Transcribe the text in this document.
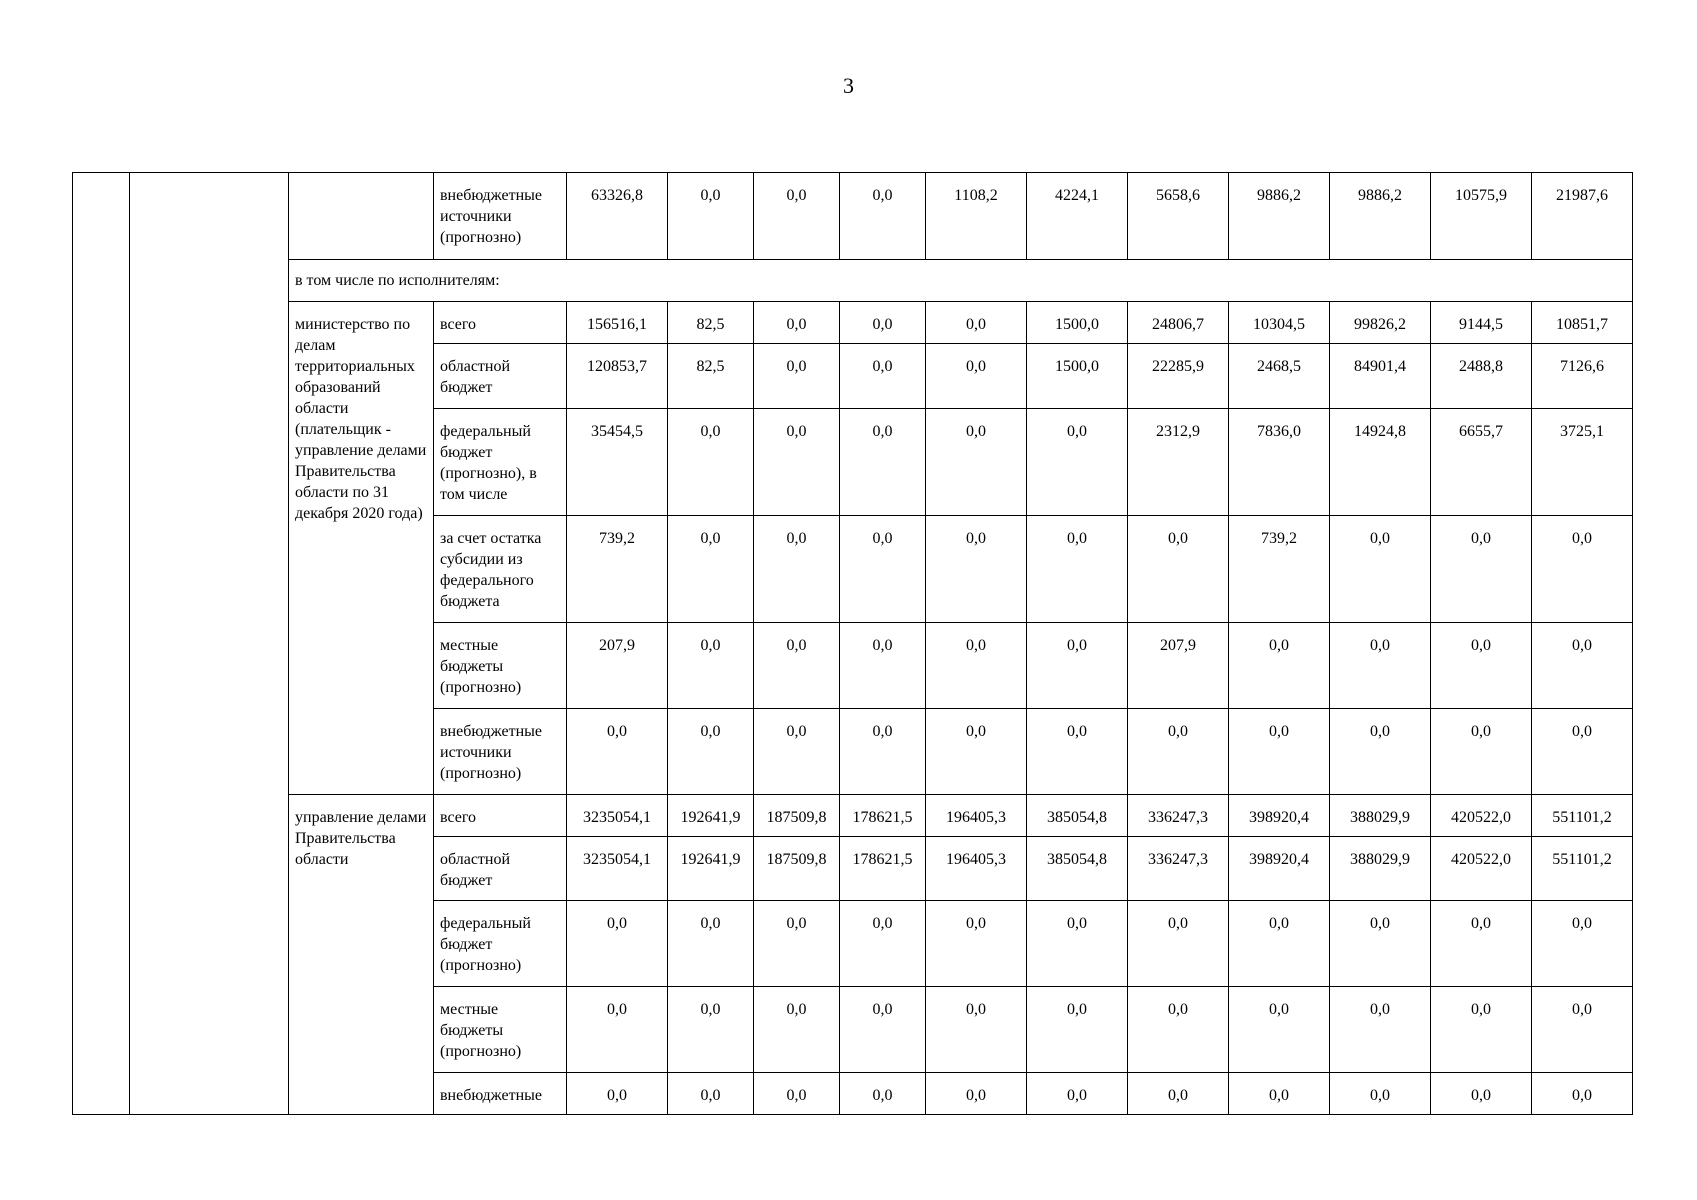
3
			внебюджетные источники (прогнозно)	63326,8	0,0	0,0	0,0	1108,2	4224,1	5658,6	9886,2	9886,2	10575,9	21987,6
		в том числе по исполнителям:												
		министерство по делам территориальных образований области (плательщик - управление делами Правительства области по 31 декабря 2020 года)	всего	156516,1	82,5	0,0	0,0	0,0	1500,0	24806,7	10304,5	99826,2	9144,5	10851,7
			областной бюджет	120853,7	82,5	0,0	0,0	0,0	1500,0	22285,9	2468,5	84901,4	2488,8	7126,6
			федеральный бюджет (прогнозно), в том числе	35454,5	0,0	0,0	0,0	0,0	0,0	2312,9	7836,0	14924,8	6655,7	3725,1
			за счет остатка субсидии из федерального бюджета	739,2	0,0	0,0	0,0	0,0	0,0	0,0	739,2	0,0	0,0	0,0
			местные бюджеты (прогнозно)	207,9	0,0	0,0	0,0	0,0	0,0	207,9	0,0	0,0	0,0	0,0
			внебюджетные источники (прогнозно)	0,0	0,0	0,0	0,0	0,0	0,0	0,0	0,0	0,0	0,0	0,0
		управление делами Правительства области	всего	3235054,1	192641,9	187509,8	178621,5	196405,3	385054,8	336247,3	398920,4	388029,9	420522,0	551101,2
			областной бюджет	3235054,1	192641,9	187509,8	178621,5	196405,3	385054,8	336247,3	398920,4	388029,9	420522,0	551101,2
			федеральный бюджет (прогнозно)	0,0	0,0	0,0	0,0	0,0	0,0	0,0	0,0	0,0	0,0	0,0
			местные бюджеты (прогнозно)	0,0	0,0	0,0	0,0	0,0	0,0	0,0	0,0	0,0	0,0	0,0
			внебюджетные	0,0	0,0	0,0	0,0	0,0	0,0	0,0	0,0	0,0	0,0	0,0
